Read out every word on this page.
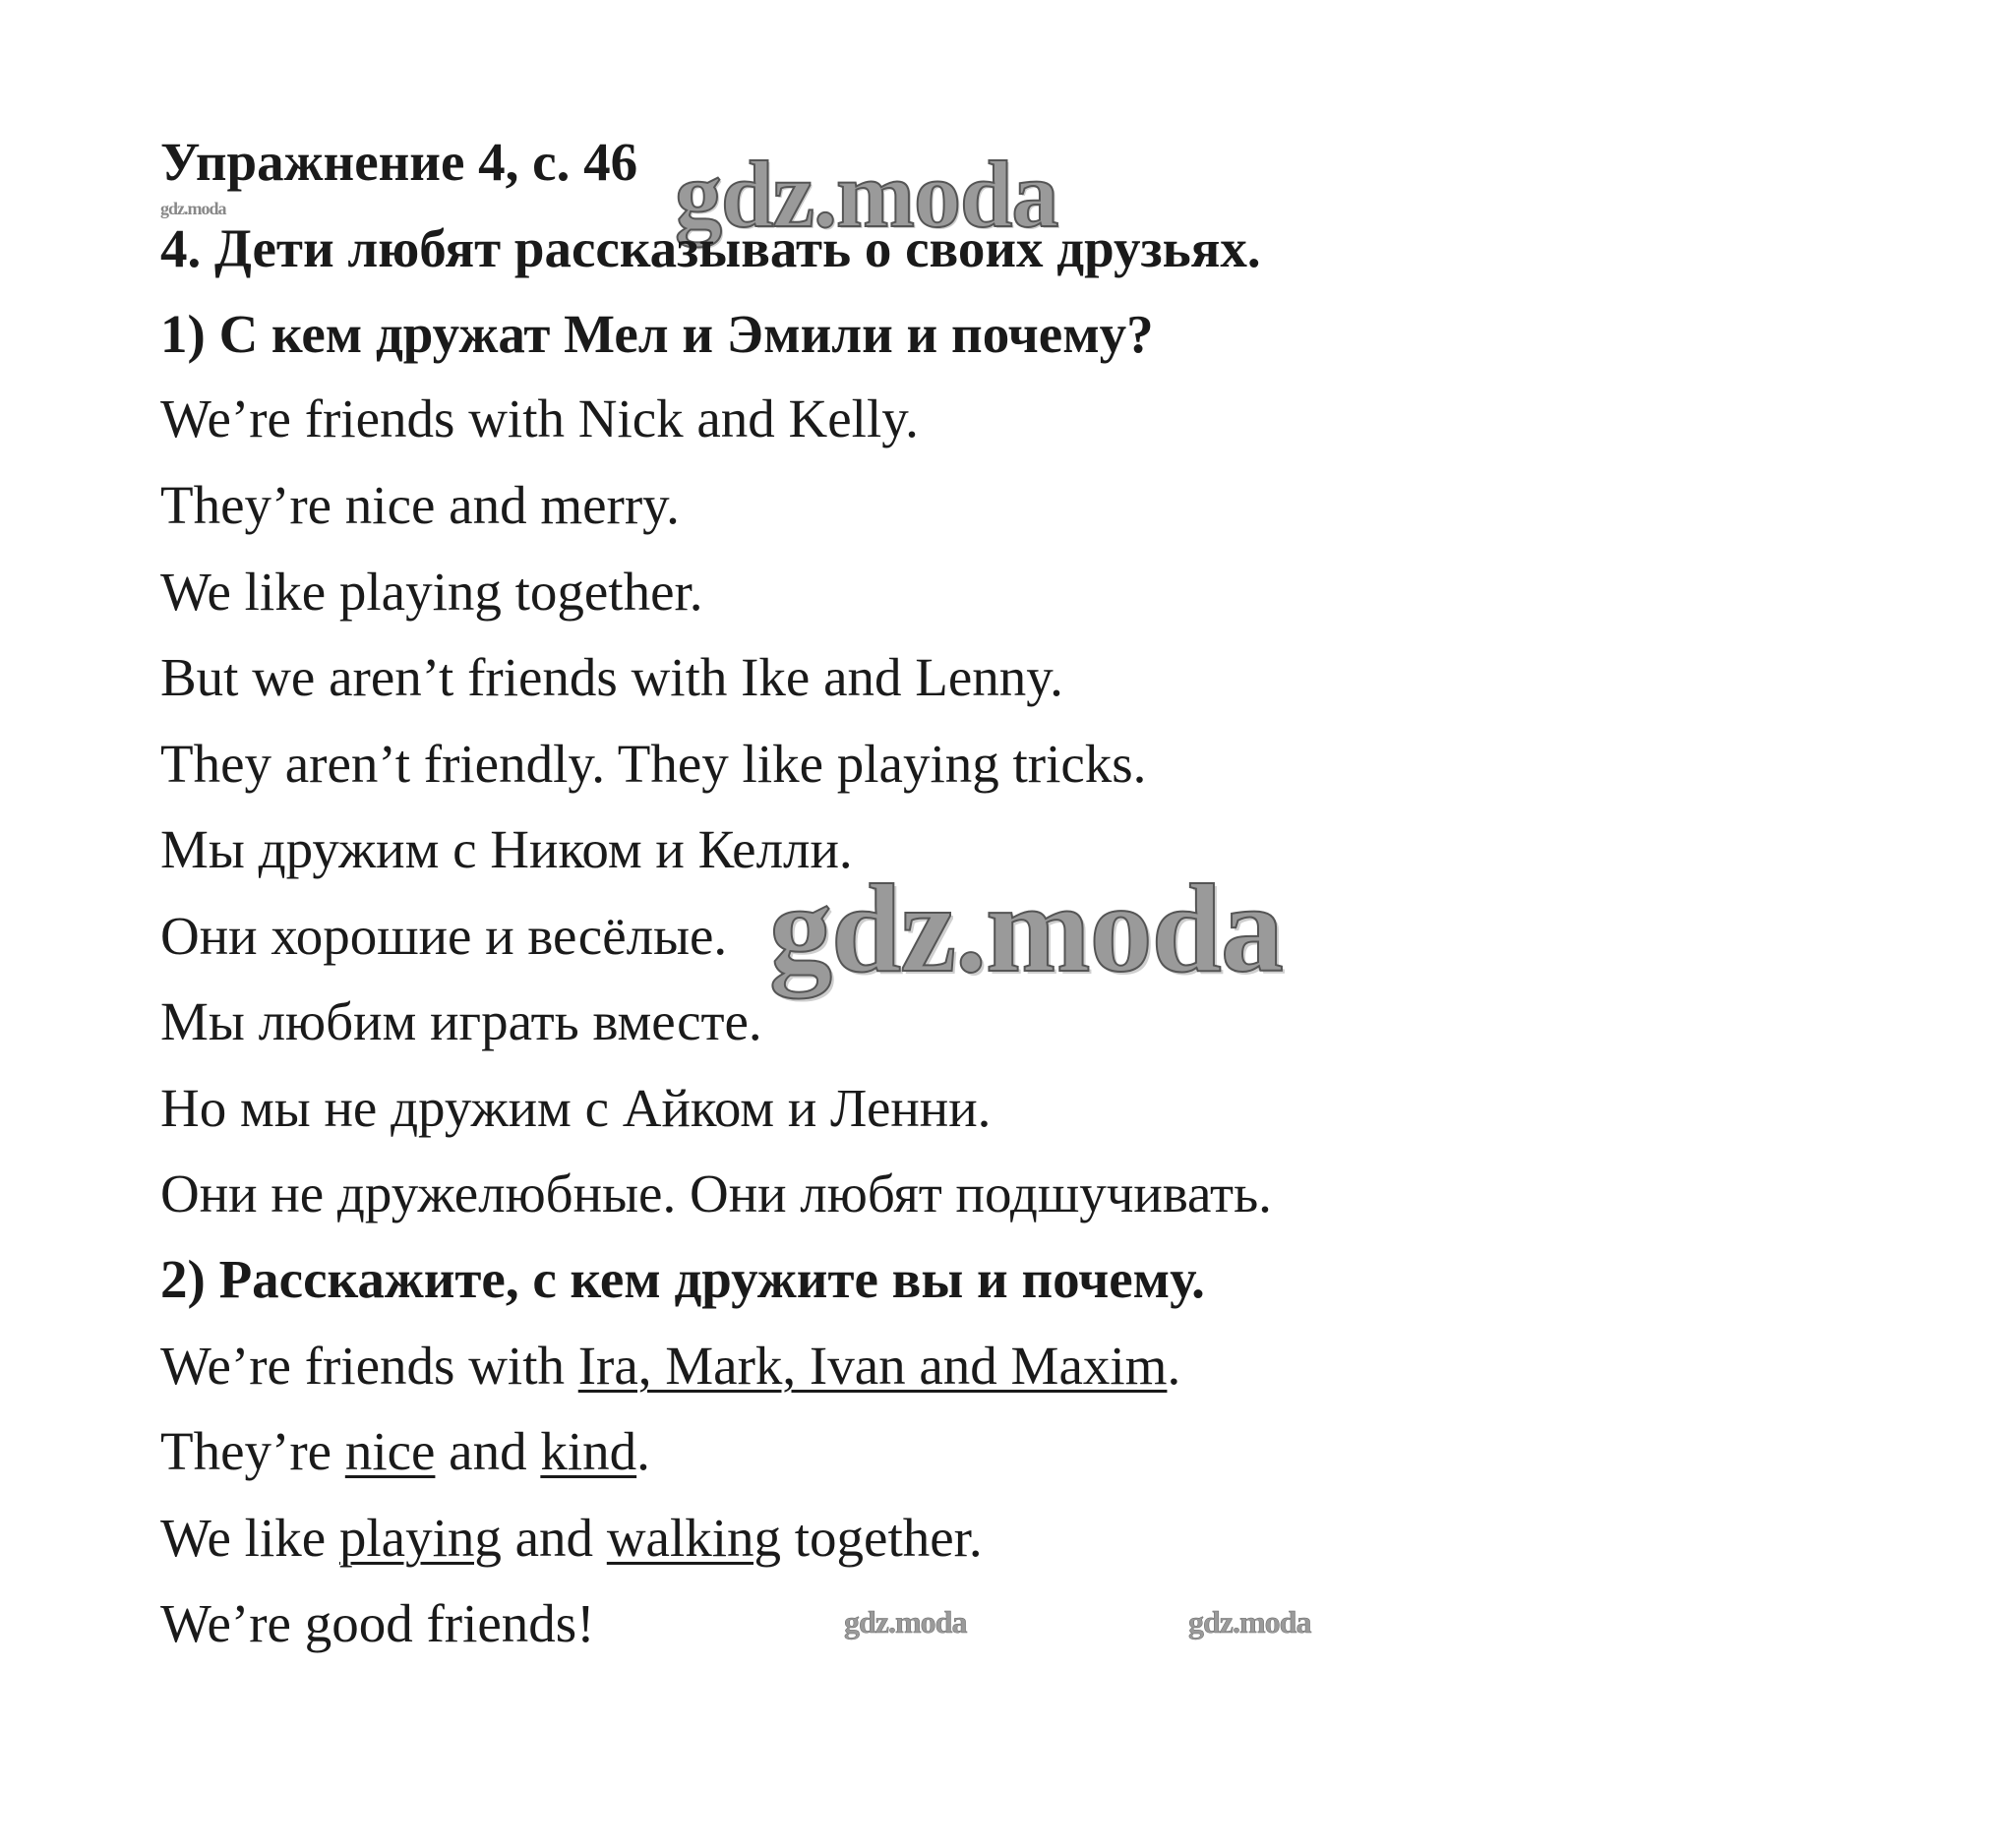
Упражнение 4, с. 46
gdz.moda	gdz.moda
4. Дети любят рассказывать о своих друзьях.
1) С кем дружат Мел и Эмили и почему?
We’re friends with Nick and Kelly.
They’re nice and merry.
We like playing together.
But we aren’t friends with Ike and Lenny.
They aren’t friendly. They like playing tricks.
Мы дружим с Ником и Келли.
Они хорошие и весёлые. gdz.moda
Мы любим играть вместе.
Но мы не дружим с Айком и Ленни.
Они не дружелюбные. Они любят подшучивать.
2) Расскажите, с кем дружите вы и почему.
We’re friends with Ira, Mark, Ivan and Maxim.
They’re nice and kind.
We like playing and walking together.
We’re good friends!	gdz.moda	gdz.moda
